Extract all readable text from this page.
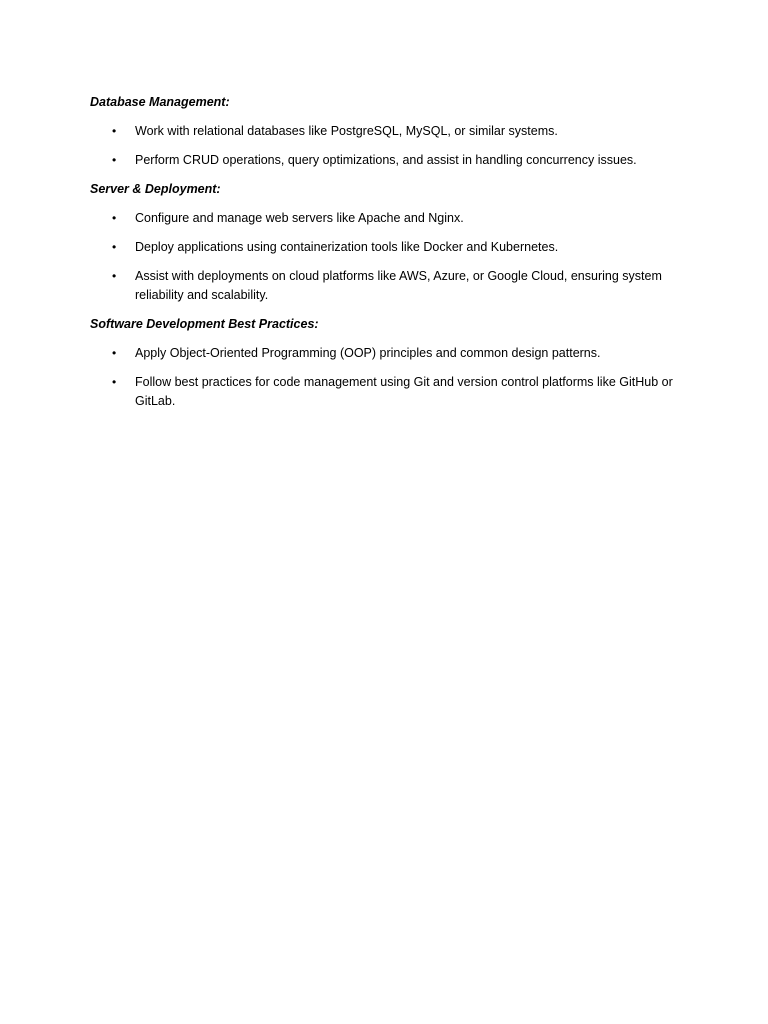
Database Management:
• Work with relational databases like PostgreSQL, MySQL, or similar systems.
• Perform CRUD operations, query optimizations, and assist in handling concurrency issues.
Server & Deployment:
• Configure and manage web servers like Apache and Nginx.
• Deploy applications using containerization tools like Docker and Kubernetes.
• Assist with deployments on cloud platforms like AWS, Azure, or Google Cloud, ensuring system reliability and scalability.
Software Development Best Practices:
• Apply Object-Oriented Programming (OOP) principles and common design patterns.
• Follow best practices for code management using Git and version control platforms like GitHub or GitLab.
